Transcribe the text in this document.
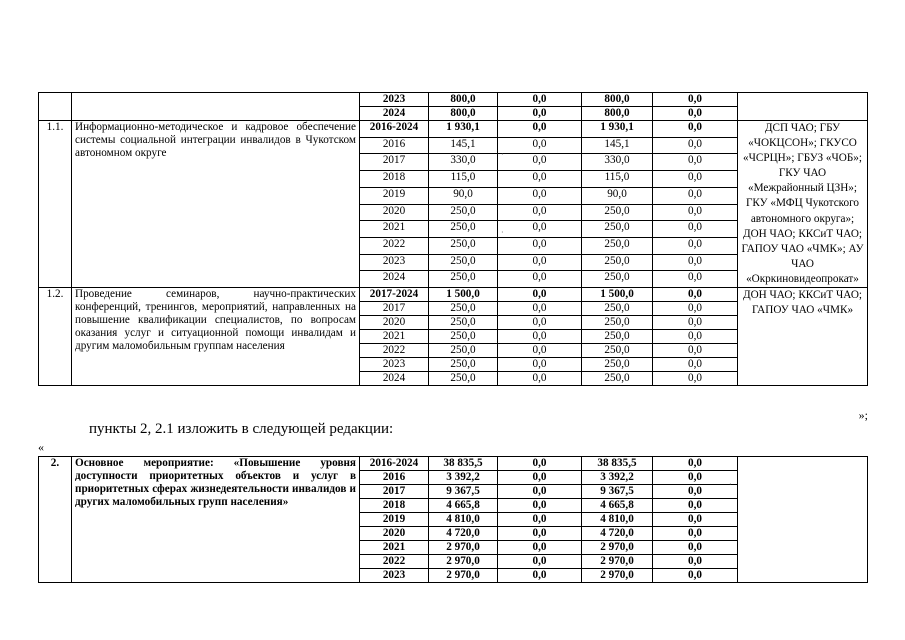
		2023	800,0	0,0	800,0	0,0	
		2024	800,0	0,0	800,0	0,0	
1.1.	Информационно-методическое и кадровое обеспечение системы социальной интеграции инвалидов в Чукотском автономном округе	2016-2024	1 930,1	0,0	1 930,1	0,0	ДСП ЧАО; ГБУ «ЧОКЦСОН»; ГКУСО «ЧСРЦН»; ГБУЗ «ЧОБ»; ГКУ ЧАО «Межрайонный ЦЗН»; ГКУ «МФЦ Чукотского автономного округа»; ДОН ЧАО; ККСиТ ЧАО; ГАПОУ ЧАО «ЧМК»; АУ ЧАО «Окркиновидеопрокат»
		2016	145,1	0,0	145,1	0,0	
		2017	330,0	0,0	330,0	0,0	
		2018	115,0	0,0	115,0	0,0	
		2019	90,0	0,0	90,0	0,0	
		2020	250,0	0,0	250,0	0,0	
		2021	250,0	0,0	250,0	0,0	
		2022	250,0	0,0	250,0	0,0	
		2023	250,0	0,0	250,0	0,0	
		2024	250,0	0,0	250,0	0,0	
1.2.	Проведение семинаров, научно-практических конференций, тренингов, мероприятий, направленных на повышение квалификации специалистов, по вопросам оказания услуг и ситуационной помощи инвалидам и другим маломобильным группам населения	2017-2024	1 500,0	0,0	1 500,0	0,0	ДОН ЧАО; ККСиТ ЧАО; ГАПОУ ЧАО «ЧМК»
		2017	250,0	0,0	250,0	0,0	
		2020	250,0	0,0	250,0	0,0	
		2021	250,0	0,0	250,0	0,0	
		2022	250,0	0,0	250,0	0,0	
		2023	250,0	0,0	250,0	0,0	
		2024	250,0	0,0	250,0	0,0	
»;
пункты 2, 2.1 изложить в следующей редакции:
«
2.	Основное мероприятие: «Повышение уровня доступности приоритетных объектов и услуг в приоритетных сферах жизнедеятельности инвалидов и других маломобильных групп населения»	2016-2024	38 835,5	0,0	38 835,5	0,0	
		2016	3 392,2	0,0	3 392,2	0,0	
		2017	9 367,5	0,0	9 367,5	0,0	
		2018	4 665,8	0,0	4 665,8	0,0	
		2019	4 810,0	0,0	4 810,0	0,0	
		2020	4 720,0	0,0	4 720,0	0,0	
		2021	2 970,0	0,0	2 970,0	0,0	
		2022	2 970,0	0,0	2 970,0	0,0	
		2023	2 970,0	0,0	2 970,0	0,0	
·
·
·
